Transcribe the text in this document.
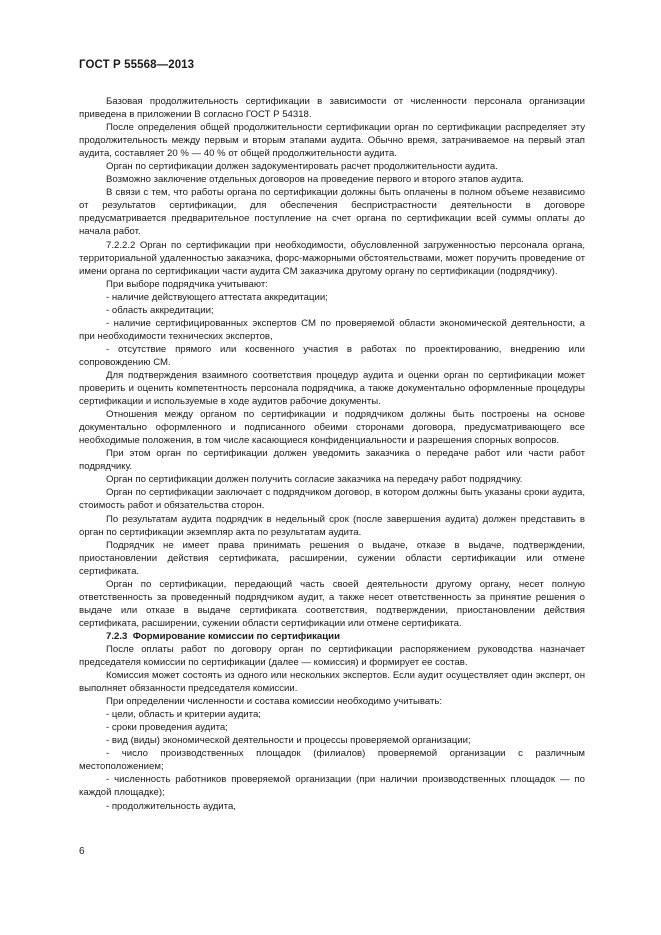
ГОСТ Р 55568—2013

Базовая продолжительность сертификации в зависимости от численности персонала организации приведена в приложении В согласно ГОСТ Р 54318.

После определения общей продолжительности сертификации орган по сертификации распределяет эту продолжительность между первым и вторым этапами аудита. Обычно время, затрачиваемое на первый этап аудита, составляет 20 % — 40 % от общей продолжительности аудита.

Орган по сертификации должен задокументировать расчет продолжительности аудита.

Возможно заключение отдельных договоров на проведение первого и второго этапов аудита.

В связи с тем, что работы органа по сертификации должны быть оплачены в полном объеме независимо от результатов сертификации, для обеспечения беспристрастности деятельности в договоре предусматривается предварительное поступление на счет органа по сертификации всей суммы оплаты до начала работ.

7.2.2.2 Орган по сертификации при необходимости, обусловленной загруженностью персонала органа, территориальной удаленностью заказчика, форс-мажорными обстоятельствами, может поручить проведение от имени органа по сертификации части аудита СМ заказчика другому органу по сертификации (подрядчику).

При выборе подрядчика учитывают:

- наличие действующего аттестата аккредитации;

- область аккредитации;

- наличие сертифицированных экспертов СМ по проверяемой области экономической деятельности, а при необходимости технических экспертов,

- отсутствие прямого или косвенного участия в работах по проектированию, внедрению или сопровождению СМ.

Для подтверждения взаимного соответствия процедур аудита и оценки орган по сертификации может проверить и оценить компетентность персонала подрядчика, а также документально оформленные процедуры сертификации и используемые в ходе аудитов рабочие документы.

Отношения между органом по сертификации и подрядчиком должны быть построены на основе документально оформленного и подписанного обеими сторонами договора, предусматривающего все необходимые положения, в том числе касающиеся конфиденциальности и разрешения спорных вопросов.

При этом орган по сертификации должен уведомить заказчика о передаче работ или части работ подрядчику.

Орган по сертификации должен получить согласие заказчика на передачу работ подрядчику.

Орган по сертификации заключает с подрядчиком договор, в котором должны быть указаны сроки аудита, стоимость работ и обязательства сторон.

По результатам аудита подрядчик в недельный срок (после завершения аудита) должен представить в орган по сертификации экземпляр акта по результатам аудита.

Подрядчик не имеет права принимать решения о выдаче, отказе в выдаче, подтверждении, приостановлении действия сертификата, расширении, сужении области сертификации или отмене сертификата.

Орган по сертификации, передающий часть своей деятельности другому органу, несет полную ответственность за проведенный подрядчиком аудит, а также несет ответственность за принятие решения о выдаче или отказе в выдаче сертификата соответствия, подтверждении, приостановлении действия сертификата, расширении, сужении области сертификации или отмене сертификата.

7.2.3 Формирование комиссии по сертификации

После оплаты работ по договору орган по сертификации распоряжением руководства назначает председателя комиссии по сертификации (далее — комиссия) и формирует ее состав.

Комиссия может состоять из одного или нескольких экспертов. Если аудит осуществляет один эксперт, он выполняет обязанности председателя комиссии.

При определении численности и состава комиссии необходимо учитывать:

- цели, область и критерии аудита;

- сроки проведения аудита;

- вид (виды) экономической деятельности и процессы проверяемой организации;

- число производственных площадок (филиалов) проверяемой организации с различным местоположением;

- численность работников проверяемой организации (при наличии производственных площадок — по каждой площадке);

- продолжительность аудита,

6
